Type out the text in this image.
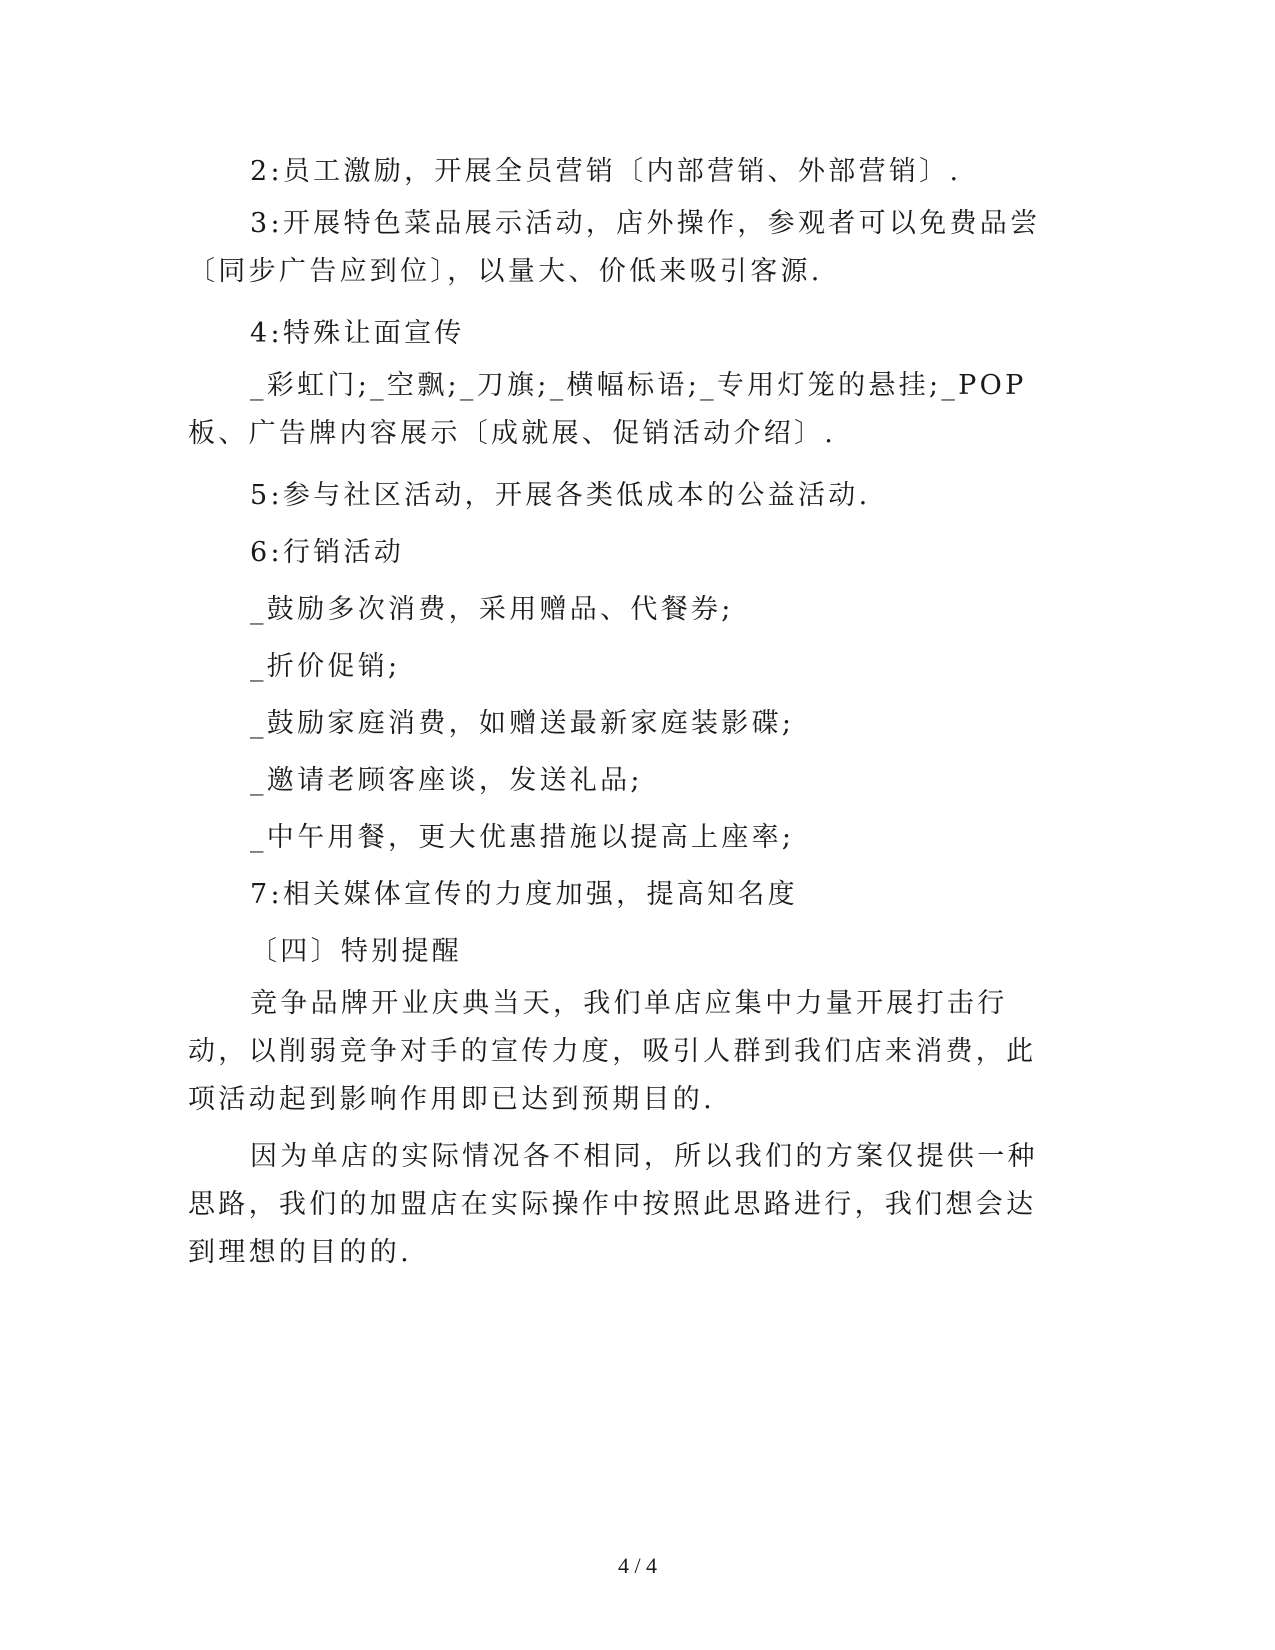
2:员工激励，开展全员营销〔内部营销、外部营销〕.

3:开展特色菜品展示活动，店外操作，参观者可以免费品尝〔同步广告应到位〕，以量大、价低来吸引客源.

4:特殊让面宣传

_彩虹门;_空飘;_刀旗;_横幅标语;_专用灯笼的悬挂;_POP板、广告牌内容展示〔成就展、促销活动介绍〕.

5:参与社区活动，开展各类低成本的公益活动.

6:行销活动

_鼓励多次消费，采用赠品、代餐券;

_折价促销;

_鼓励家庭消费，如赠送最新家庭装影碟;

_邀请老顾客座谈，发送礼品;

_中午用餐，更大优惠措施以提高上座率;

7:相关媒体宣传的力度加强，提高知名度

〔四〕特别提醒

竞争品牌开业庆典当天，我们单店应集中力量开展打击行动，以削弱竞争对手的宣传力度，吸引人群到我们店来消费，此项活动起到影响作用即已达到预期目的.

因为单店的实际情况各不相同，所以我们的方案仅提供一种思路，我们的加盟店在实际操作中按照此思路进行，我们想会达到理想的目的的.

4 / 4
